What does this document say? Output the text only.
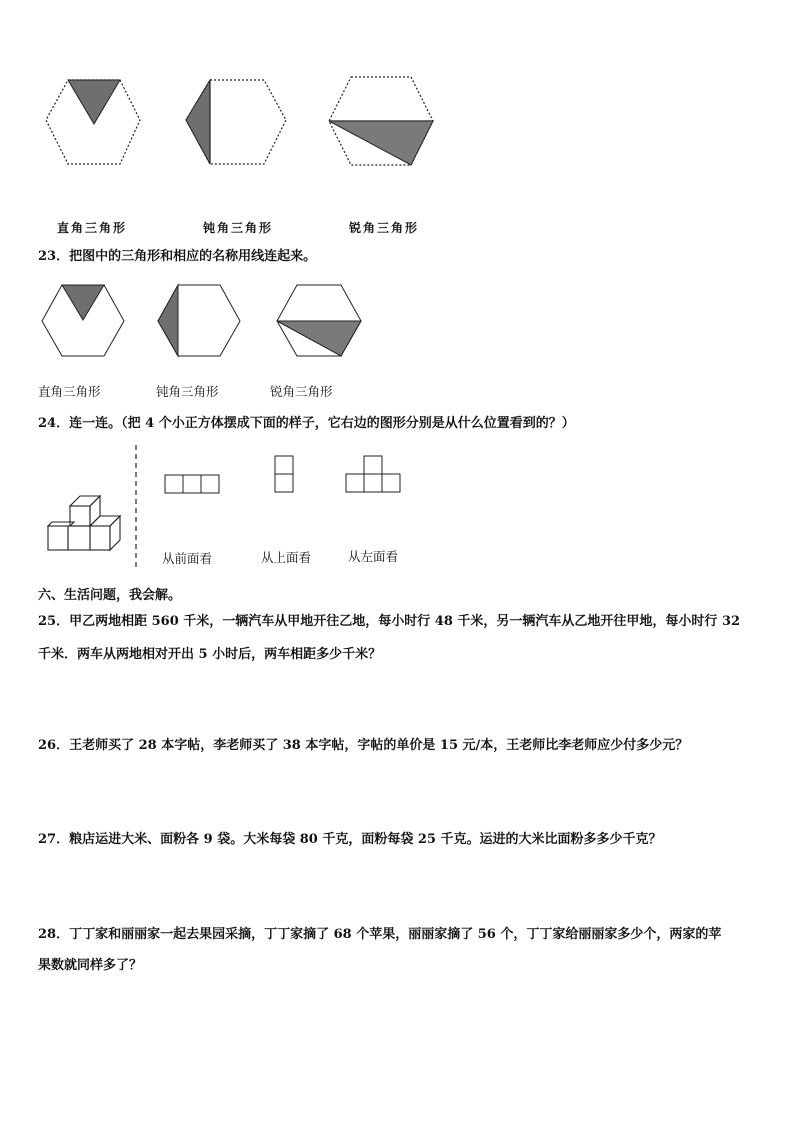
直角三角形	钝角三角形	锐角三角形
23．把图中的三角形和相应的名称用线连起来。
直角三角形	钝角三角形	锐角三角形
24．连一连。（把 4 个小正方体摆成下面的样子，它右边的图形分别是从什么位置看到的？）
从前面看	从上面看	从左面看
六、生活问题，我会解。
25．甲乙两地相距 560 千米，一辆汽车从甲地开往乙地，每小时行 48 千米，另一辆汽车从乙地开往甲地，每小时行 32
千米．两车从两地相对开出 5 小时后，两车相距多少千米？
26．王老师买了 28 本字帖，李老师买了 38 本字帖，字帖的单价是 15 元/本，王老师比李老师应少付多少元？
27．粮店运进大米、面粉各 9 袋。大米每袋 80 千克，面粉每袋 25 千克。运进的大米比面粉多多少千克？
28．丁丁家和丽丽家一起去果园采摘，丁丁家摘了 68 个苹果，丽丽家摘了 56 个，丁丁家给丽丽家多少个，两家的苹
果数就同样多了？
